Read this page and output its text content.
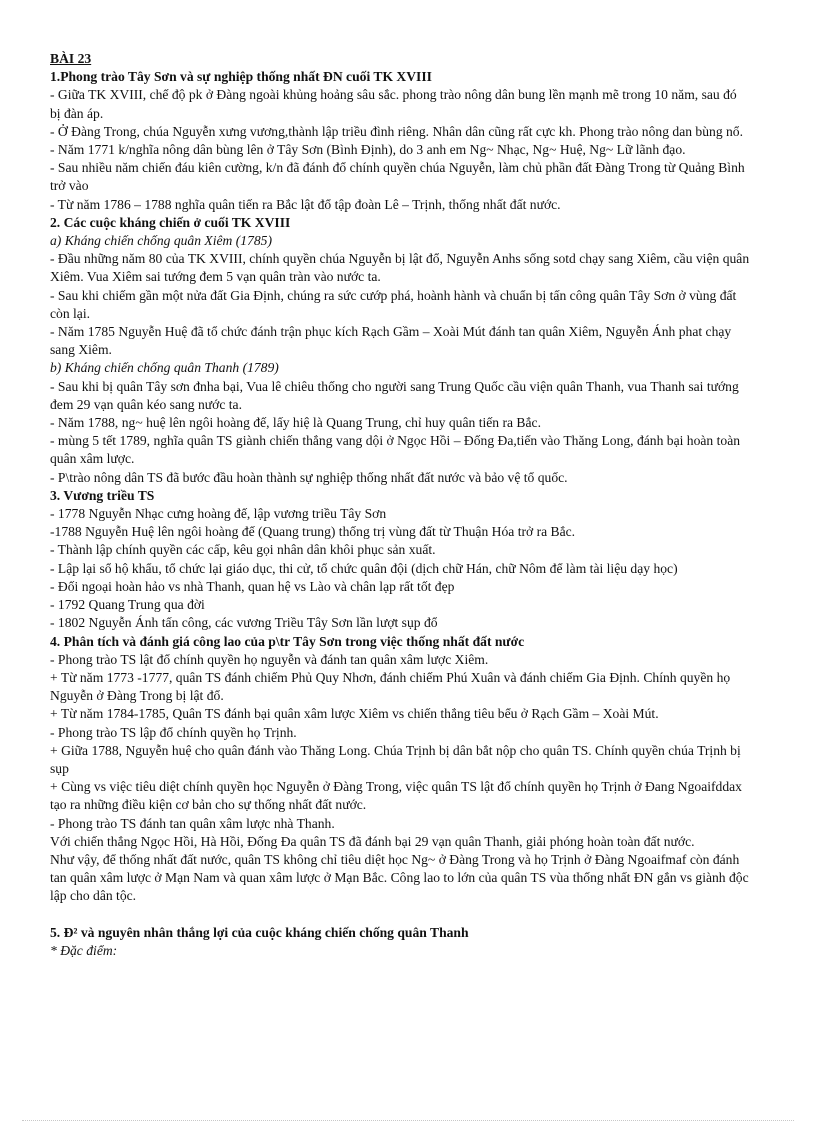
BÀI 23

1.Phong trào Tây Sơn và sự nghiệp thống nhất ĐN cuối TK XVIII

- Giữa TK XVIII, chế độ pk ở Đàng ngoài khủng hoảng sâu sắc. phong trào nông dân bung lền mạnh mẽ trong 10 năm, sau đó bị đàn áp.

- Ở Đàng Trong, chúa Nguyễn xưng vương,thành lập triều đình riêng. Nhân dân cũng rất cực kh. Phong trào nông dan bùng nổ.

- Năm 1771 k/nghĩa nông dân bùng lên ở Tây Sơn (Bình Định), do 3 anh em Ng~ Nhạc, Ng~ Huệ, Ng~ Lữ lãnh đạo.

- Sau nhiều năm chiến đáu kiên cường, k/n đã đánh đổ chính quyền chúa Nguyễn, làm chủ phần đất Đàng Trong từ Quảng Bình trở vào

- Từ năm 1786 – 1788 nghĩa quân tiến ra Bắc lật đổ tập đoàn Lê – Trịnh, thống nhất đất nước.

2. Các cuộc kháng chiến ở cuối TK XVIII

a) Kháng chiến chống quân Xiêm (1785)

- Đầu những năm 80 của TK XVIII, chính quyền chúa Nguyễn bị lật đổ, Nguyễn Anhs sống sotd chạy sang Xiêm, cầu viện quân Xiêm. Vua Xiêm sai tướng đem 5 vạn quân tràn vào nước ta.

- Sau khi chiếm gần một nửa đất Gia Định, chúng ra sức cướp phá, hoành hành và chuẩn bị tấn công quân Tây Sơn ở vùng đất còn lại.

- Năm 1785 Nguyễn Huệ đã tổ chức đánh trận phục kích Rạch Gầm – Xoài Mút đánh tan quân Xiêm, Nguyễn Ánh phat chạy sang Xiêm.

b) Kháng chiến chống quân Thanh (1789)

- Sau khi bị quân Tây sơn đnha bại, Vua lê chiêu thống cho người sang Trung Quốc cầu viện quân Thanh, vua Thanh sai tướng đem 29 vạn quân kéo sang nước ta.

- Năm 1788, ng~ huệ lên ngôi hoàng đế, lấy hiệ là Quang Trung, chỉ huy quân tiến ra Bắc.

- mùng 5 tết 1789, nghĩa quân TS giành chiến thắng vang dội ở Ngọc Hồi – Đống Đa,tiến vào Thăng Long, đánh bại hoàn toàn quân xâm lược.

- P\trào nông dân TS đã bước đầu hoàn thành sự nghiệp thống nhất đất nước và bảo vệ tổ quốc.

3. Vương triều TS

- 1778 Nguyễn Nhạc cưng hoàng đế, lập vương triều Tây Sơn

-1788 Nguyễn Huệ lên ngôi hoàng đế (Quang trung) thống trị vùng đất từ Thuận Hóa trở ra Bắc.

- Thành lập chính quyền các cấp, kêu gọi nhân dân khôi phục sản xuất.

- Lập lại sổ hộ khẩu, tổ chức lại giáo dục, thi cử, tổ chức quân đội (dịch chữ Hán, chữ Nôm để làm tài liệu dạy học)

- Đối ngoại hoàn hảo vs nhà Thanh, quan hệ vs Lào và chân lạp rất tốt đẹp

- 1792 Quang Trung qua đời

- 1802 Nguyễn Ánh tấn công, các vương Triều Tây Sơn lần lượt sụp đổ

4. Phân tích và đánh giá công lao của p\tr Tây Sơn trong việc thống nhất đất nước

- Phong trào TS lật đổ chính quyền họ nguyễn và đánh tan quân xâm lược Xiêm.

+ Từ năm 1773 -1777, quân TS đánh chiếm Phủ Quy Nhơn, đánh chiếm Phú Xuân và đánh chiếm Gia Định. Chính quyền họ Nguyễn ở Đàng Trong bị lật đổ.

+ Từ năm 1784-1785, Quân TS đánh bại quân xâm lược Xiêm vs chiến thắng tiêu bểu ở Rạch Gầm – Xoài Mút.

- Phong trào TS lập đổ chính quyền họ Trịnh.

+ Giữa 1788, Nguyễn huệ cho quân đánh vào Thăng Long. Chúa Trịnh bị dân bắt nộp cho quân TS. Chính quyền chúa Trịnh bị sụp

+ Cùng vs việc tiêu diệt chính quyền học Nguyễn ở Đàng Trong, việc quân TS lật đổ chính quyền họ Trịnh ở Đang Ngoaifddax tạo ra những điều kiện cơ bản cho sự thống nhất đất nước.

- Phong trào TS đánh tan quân xâm lược nhà Thanh.

Với chiến thắng Ngọc Hồi, Hà Hồi, Đống Đa quân TS đã đánh bại 29 vạn quân Thanh, giải phóng hoàn toàn đất nước.

Như vậy, để thống nhất đất nước, quân TS không chỉ tiêu diệt học Ng~ ở Đàng Trong và họ Trịnh ở Đàng Ngoaifmaf còn đánh tan quân xâm lược ở Mạn Nam và quan xâm lược ở Mạn Bắc. Công lao to lớn của quân TS vùa thống nhất ĐN gắn vs giành độc lập cho dân tộc.

5. Đ² và nguyên nhân thắng lợi của cuộc kháng chiến chống quân Thanh

* Đặc điểm:
